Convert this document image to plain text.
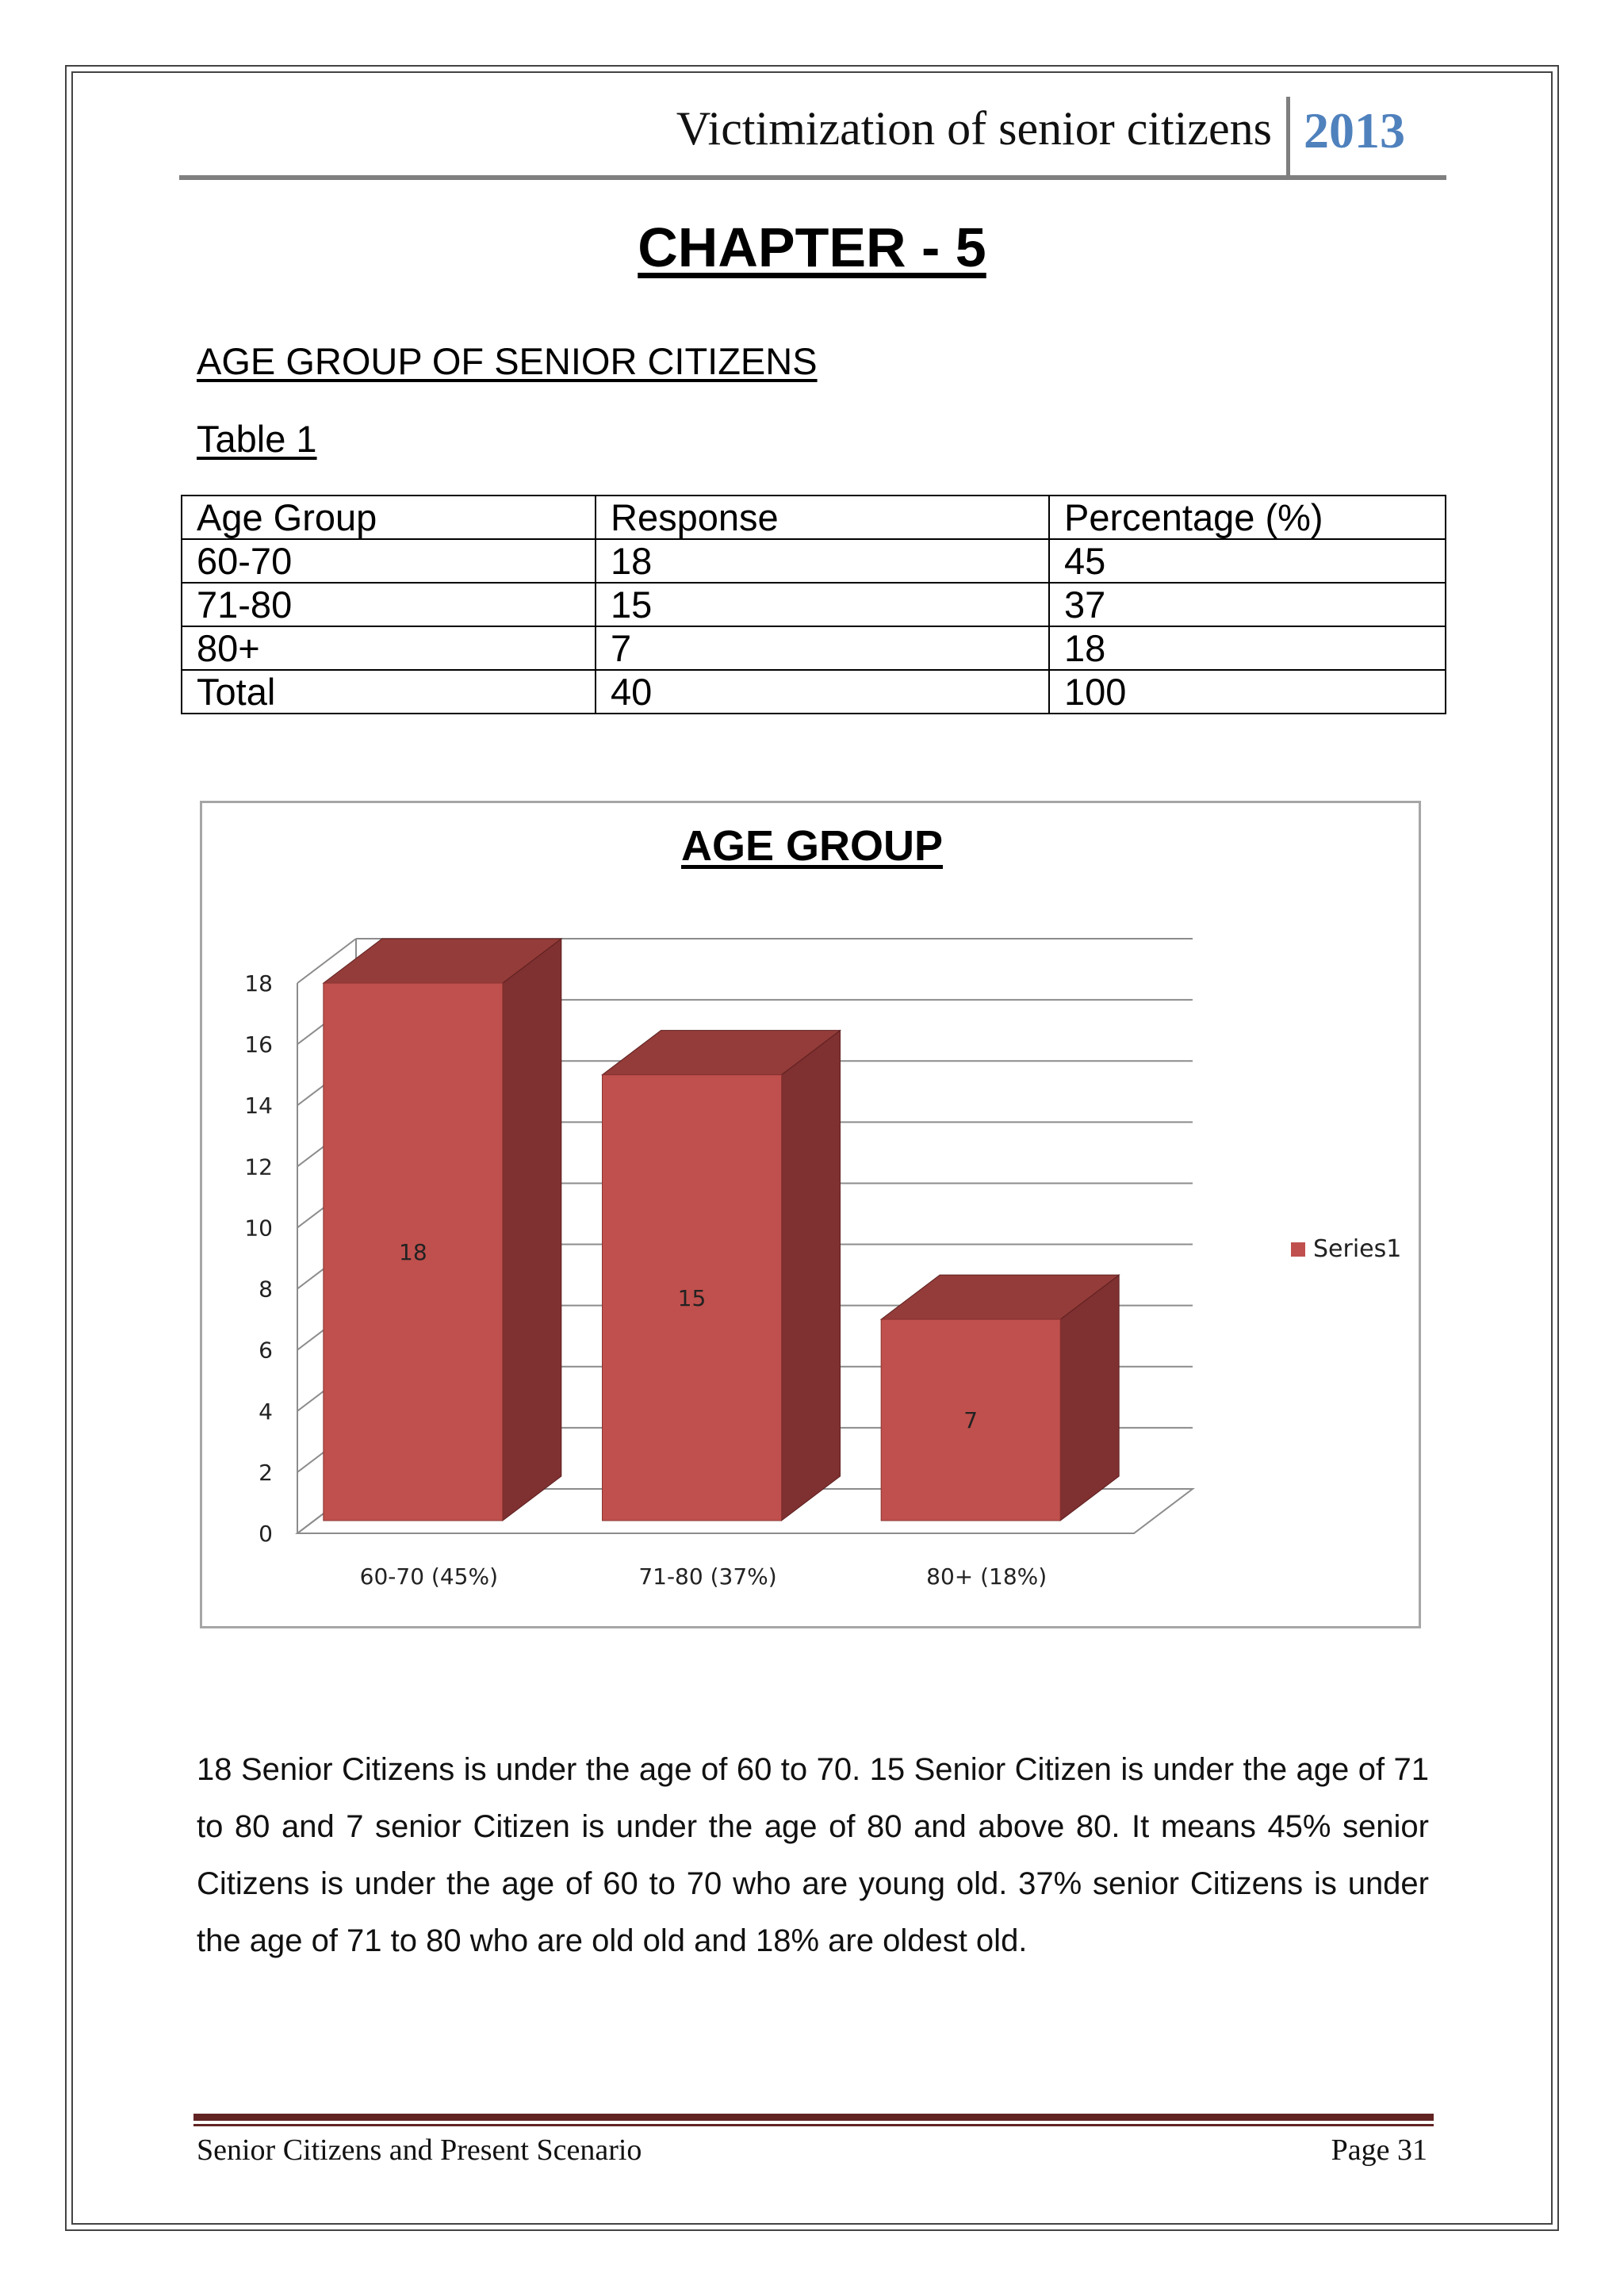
Victimization of senior citizens 2013
CHAPTER - 5
AGE GROUP OF SENIOR CITIZENS
Table 1
Age Group	Response	Percentage (%)
60-70	18	45
71-80	15	37
80+	7	18
Total	40	100
AGE GROUP
0
2
4
6
8
10
12
14
16
18
18
60-70 (45%)
15
71-80 (37%)
7
80+ (18%)
Series1
18 Senior Citizens is under the age of 60 to 70. 15 Senior Citizen is under the age of 71 to 80 and 7 senior Citizen is under the age of 80 and above 80. It means 45% senior Citizens is under the age of 60 to 70 who are young old. 37% senior Citizens is under the age of 71 to 80 who are old old and 18% are oldest old.
Senior Citizens and Present Scenario	Page 31
